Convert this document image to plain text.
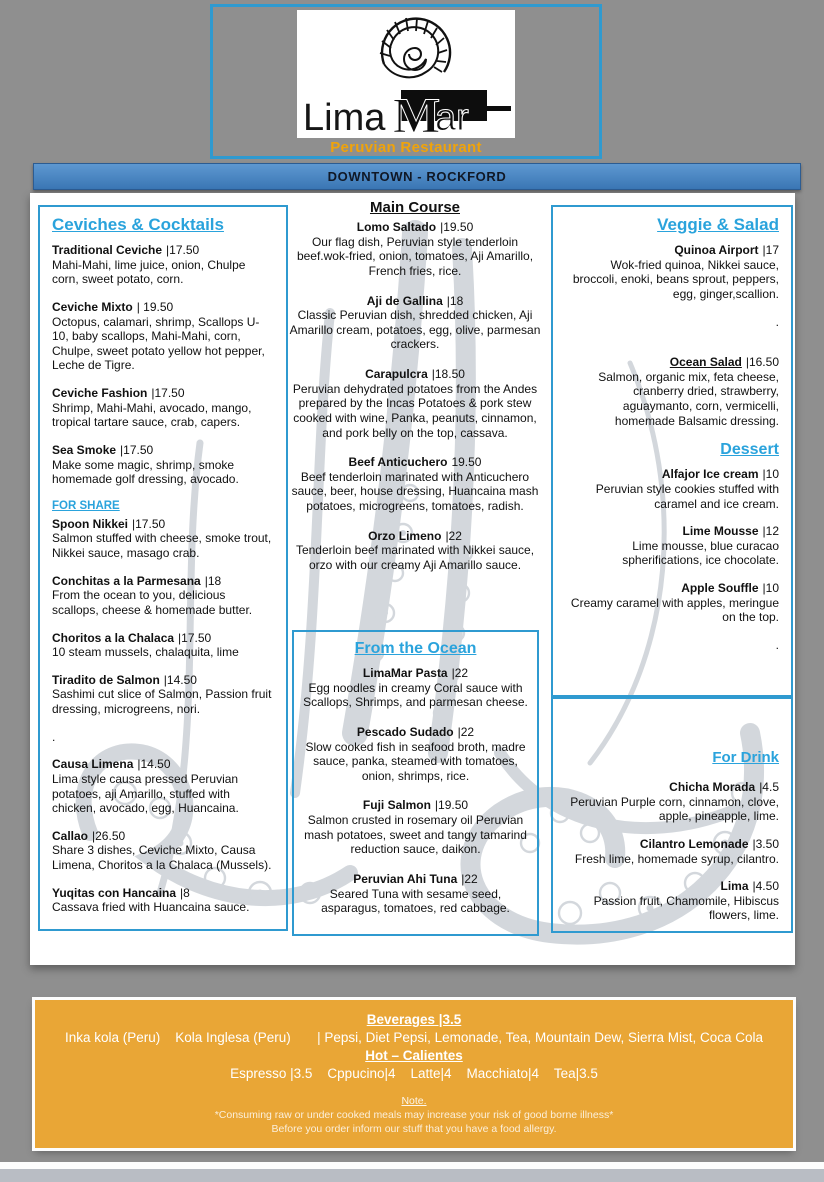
Lima M
ar
Peruvian Restaurant
DOWNTOWN - ROCKFORD
Ceviches & Cocktails
Traditional Ceviche |17.50
Mahi-Mahi, lime juice, onion, Chulpe corn, sweet potato, corn.
Ceviche Mixto | 19.50
Octopus, calamari, shrimp, Scallops U-10, baby scallops, Mahi-Mahi, corn, Chulpe, sweet potato yellow hot pepper, Leche de Tigre.
Ceviche Fashion |17.50
Shrimp, Mahi-Mahi, avocado, mango, tropical tartare sauce, crab, capers.
Sea Smoke |17.50
Make some magic, shrimp, smoke homemade golf dressing, avocado.
FOR SHARE
Spoon Nikkei |17.50
Salmon stuffed with cheese, smoke trout, Nikkei sauce, masago crab.
Conchitas a la Parmesana |18
From the ocean to you, delicious scallops, cheese & homemade butter.
Choritos a la Chalaca |17.50
10 steam mussels, chalaquita, lime
Tiradito de Salmon |14.50
Sashimi cut slice of Salmon, Passion fruit dressing, microgreens, nori.
.
Causa Limena |14.50
Lima style causa pressed Peruvian potatoes, aji Amarillo, stuffed with chicken, avocado, egg, Huancaina.
Callao |26.50
Share 3 dishes, Ceviche Mixto, Causa Limena, Choritos a la Chalaca (Mussels).
Yuqitas con Hancaina |8
Cassava fried with Huancaina sauce.
Main Course
Lomo Saltado |19.50
Our flag dish, Peruvian style tenderloin beef.wok-fried, onion, tomatoes, Aji Amarillo, French fries, rice.
Aji de Gallina |18
Classic Peruvian dish, shredded chicken, Aji Amarillo cream, potatoes, egg, olive, parmesan crackers.
Carapulcra |18.50
Peruvian dehydrated potatoes from the Andes prepared by the Incas Potatoes & pork stew cooked with wine, Panka, peanuts, cinnamon, and pork belly on the top, cassava.
Beef Anticuchero 19.50
Beef tenderloin marinated with Anticuchero sauce, beer, house dressing, Huancaina mash potatoes, microgreens, tomatoes, radish.
Orzo Limeno |22
Tenderloin beef marinated with Nikkei sauce, orzo with our creamy Aji Amarillo sauce.
From the Ocean
LimaMar Pasta |22
Egg noodles in creamy Coral sauce with Scallops, Shrimps, and parmesan cheese.
Pescado Sudado |22
Slow cooked fish in seafood broth, madre sauce, panka, steamed with tomatoes, onion, shrimps, rice.
Fuji Salmon |19.50
Salmon crusted in rosemary oil Peruvian mash potatoes, sweet and tangy tamarind reduction sauce, daikon.
Peruvian Ahi Tuna |22
Seared Tuna with sesame seed, asparagus, tomatoes, red cabbage.
Veggie & Salad
Quinoa Airport |17
Wok-fried quinoa, Nikkei sauce, broccoli, enoki, beans sprout, peppers, egg, ginger,scallion.
.
Ocean Salad |16.50
Salmon, organic mix, feta cheese, cranberry dried, strawberry, aguaymanto, corn, vermicelli, homemade Balsamic dressing.
Dessert
Alfajor Ice cream |10
Peruvian style cookies stuffed with caramel and ice cream.
Lime Mousse |12
Lime mousse, blue curacao spherifications, ice chocolate.
Apple Souffle |10
Creamy caramel with apples, meringue on the top.
.
For Drink
Chicha Morada |4.5
Peruvian Purple corn, cinnamon, clove, apple, pineapple, lime.
Cilantro Lemonade |3.50
Fresh lime, homemade syrup, cilantro.
Lima |4.50
Passion fruit, Chamomile, Hibiscus flowers, lime.
Beverages |3.5
Inka kola (Peru)    Kola Inglesa (Peru)       | Pepsi, Diet Pepsi, Lemonade, Tea, Mountain Dew, Sierra Mist, Coca Cola
Hot – Calientes
Espresso |3.5    Cppucino|4    Latte|4    Macchiato|4    Tea|3.5
Note.
*Consuming raw or under cooked meals may increase your risk of good borne illness*
Before you order inform our stuff that you have a food allergy.
